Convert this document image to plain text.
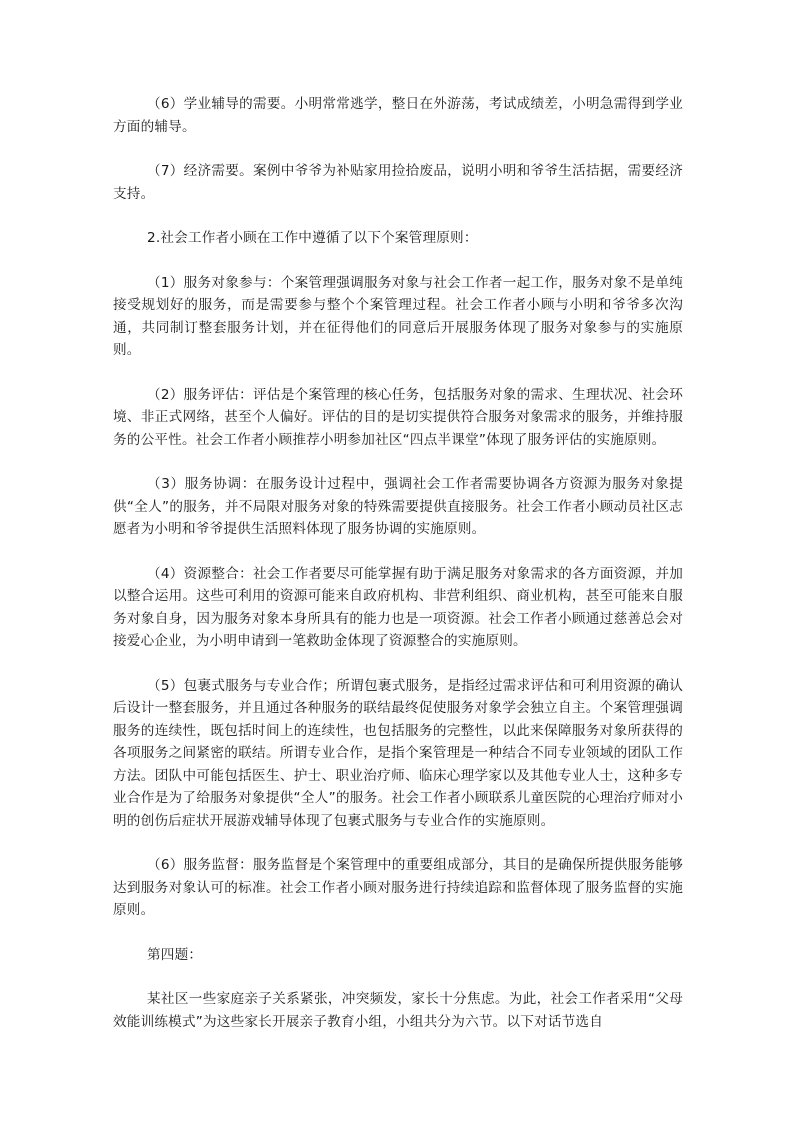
（6）学业辅导的需要。小明常常逃学，整日在外游荡，考试成绩差，小明急需得到学业方面的辅导。

（7）经济需要。案例中爷爷为补贴家用捡拾废品，说明小明和爷爷生活拮据，需要经济支持。

2.社会工作者小顾在工作中遵循了以下个案管理原则：

（1）服务对象参与：个案管理强调服务对象与社会工作者一起工作，服务对象不是单纯接受规划好的服务，而是需要参与整个个案管理过程。社会工作者小顾与小明和爷爷多次沟通，共同制订整套服务计划，并在征得他们的同意后开展服务体现了服务对象参与的实施原则。

（2）服务评估：评估是个案管理的核心任务，包括服务对象的需求、生理状况、社会环境、非正式网络，甚至个人偏好。评估的目的是切实提供符合服务对象需求的服务，并维持服务的公平性。社会工作者小顾推荐小明参加社区“四点半课堂”体现了服务评估的实施原则。

（3）服务协调：在服务设计过程中，强调社会工作者需要协调各方资源为服务对象提供“全人”的服务，并不局限对服务对象的特殊需要提供直接服务。社会工作者小顾动员社区志愿者为小明和爷爷提供生活照料体现了服务协调的实施原则。

（4）资源整合：社会工作者要尽可能掌握有助于满足服务对象需求的各方面资源，并加以整合运用。这些可利用的资源可能来自政府机构、非营利组织、商业机构，甚至可能来自服务对象自身，因为服务对象本身所具有的能力也是一项资源。社会工作者小顾通过慈善总会对接爱心企业，为小明申请到一笔救助金体现了资源整合的实施原则。

（5）包裹式服务与专业合作；所谓包裹式服务，是指经过需求评估和可利用资源的确认后设计一整套服务，并且通过各种服务的联结最终促使服务对象学会独立自主。个案管理强调服务的连续性，既包括时间上的连续性，也包括服务的完整性，以此来保障服务对象所获得的各项服务之间紧密的联结。所谓专业合作，是指个案管理是一种结合不同专业领域的团队工作方法。团队中可能包括医生、护士、职业治疗师、临床心理学家以及其他专业人士，这种多专业合作是为了给服务对象提供“全人”的服务。社会工作者小顾联系儿童医院的心理治疗师对小明的创伤后症状开展游戏辅导体现了包裹式服务与专业合作的实施原则。

（6）服务监督：服务监督是个案管理中的重要组成部分，其目的是确保所提供服务能够达到服务对象认可的标准。社会工作者小顾对服务进行持续追踪和监督体现了服务监督的实施原则。

第四题：

某社区一些家庭亲子关系紧张，冲突频发，家长十分焦虑。为此，社会工作者采用“父母效能训练模式”为这些家长开展亲子教育小组，小组共分为六节。以下对话节选自
